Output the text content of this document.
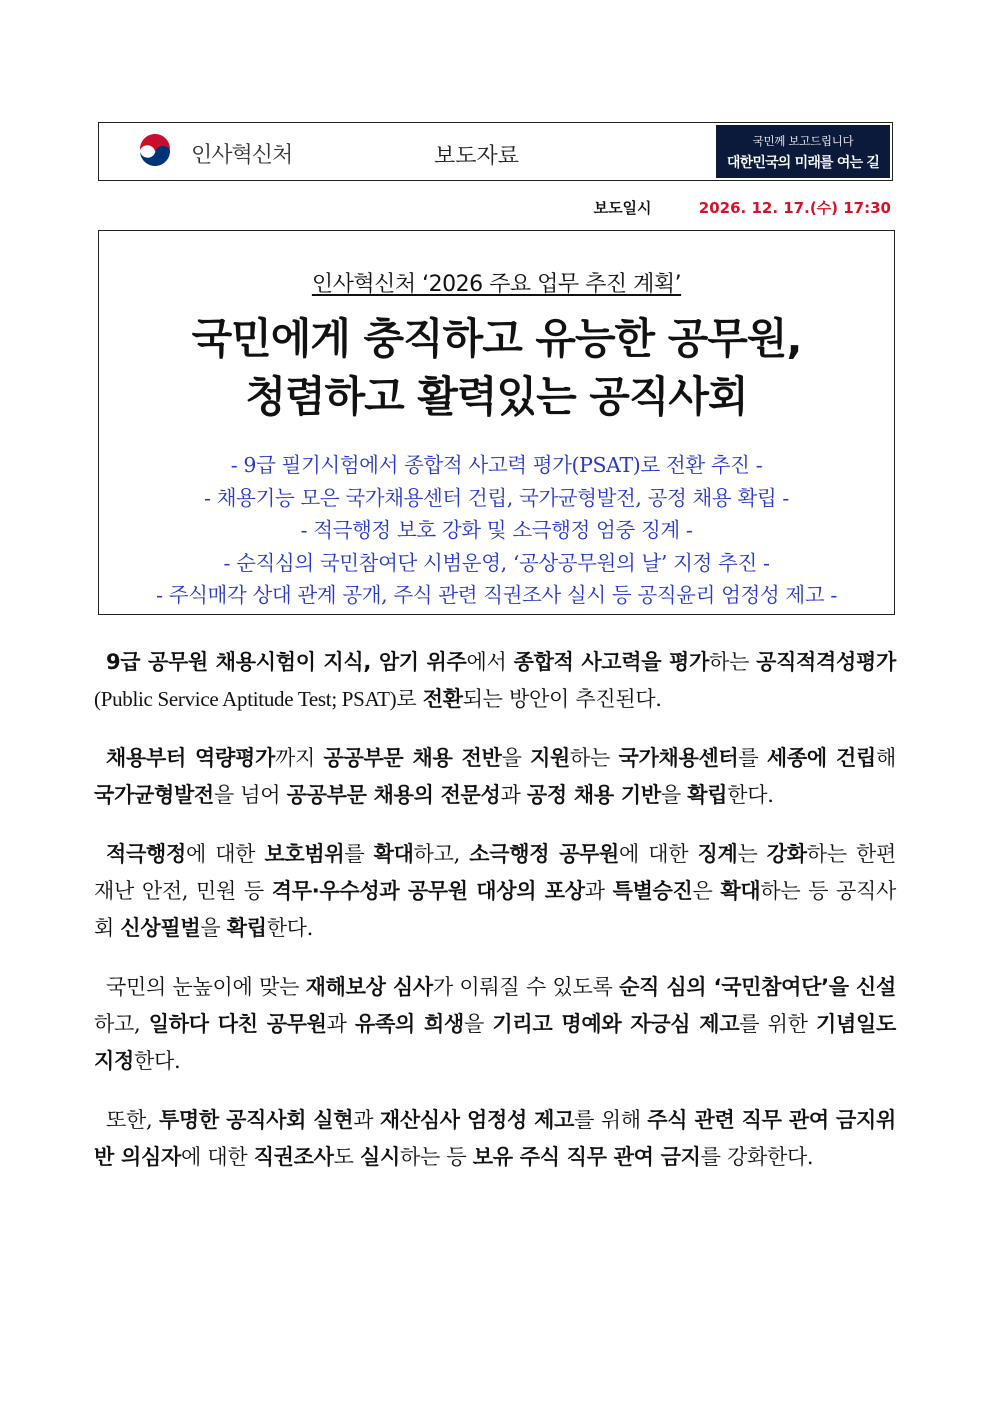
인사혁신처	보도자료
국민께 보고드립니다
대한민국의 미래를 여는 길
보도일시	2026. 12. 17.(수) 17:30
인사혁신처 ‘2026 주요 업무 추진 계획’
국민에게 충직하고 유능한 공무원,
청렴하고 활력있는 공직사회
- 9급 필기시험에서 종합적 사고력 평가(PSAT)로 전환 추진 -
- 채용기능 모은 국가채용센터 건립, 국가균형발전, 공정 채용 확립 -
- 적극행정 보호 강화 및 소극행정 엄중 징계 -
- 순직심의 국민참여단 시범운영, ‘공상공무원의 날’ 지정 추진 -
- 주식매각 상대 관계 공개, 주식 관련 직권조사 실시 등 공직윤리 엄정성 제고 -

9급 공무원 채용시험이 지식, 암기 위주에서 종합적 사고력을 평가하는 공직적격성평가(Public Service Aptitude Test; PSAT)로 전환되는 방안이 추진된다.

채용부터 역량평가까지 공공부문 채용 전반을 지원하는 국가채용센터를 세종에 건립해 국가균형발전을 넘어 공공부문 채용의 전문성과 공정 채용 기반을 확립한다.

적극행정에 대한 보호범위를 확대하고, 소극행정 공무원에 대한 징계는 강화하는 한편 재난 안전, 민원 등 격무·우수성과 공무원 대상의 포상과 특별승진은 확대하는 등 공직사회 신상필벌을 확립한다.

국민의 눈높이에 맞는 재해보상 심사가 이뤄질 수 있도록 순직 심의 ‘국민참여단’을 신설하고, 일하다 다친 공무원과 유족의 희생을 기리고 명예와 자긍심 제고를 위한 기념일도 지정한다.

또한, 투명한 공직사회 실현과 재산심사 엄정성 제고를 위해 주식 관련 직무 관여 금지위반 의심자에 대한 직권조사도 실시하는 등 보유 주식 직무 관여 금지를 강화한다.
